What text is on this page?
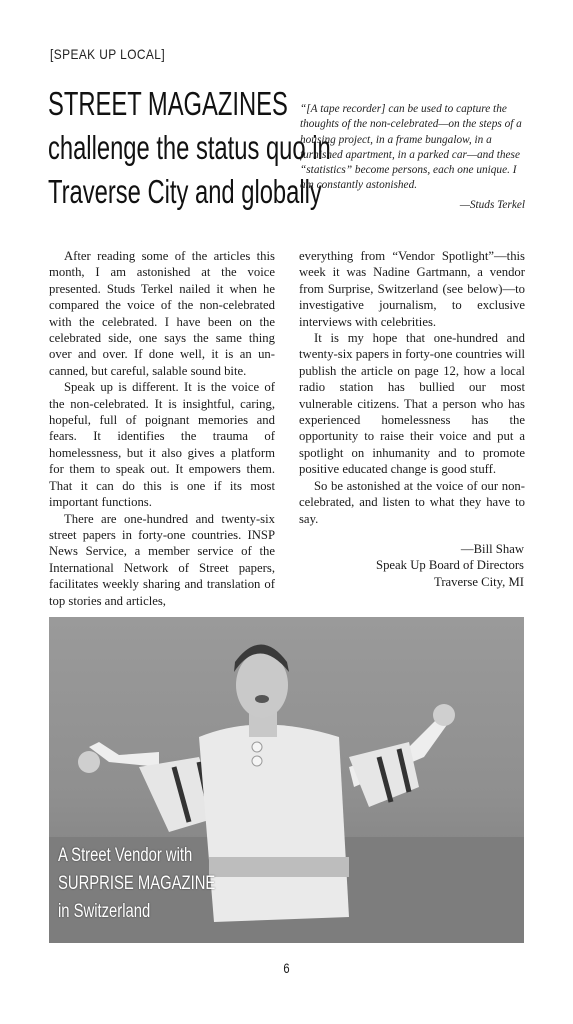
[SPEAK UP LOCAL]
STREET MAGAZINES
challenge the status quo in
Traverse City and globally
“[A tape recorder] can be used to capture the thoughts of the non-celebrated—on the steps of a housing project, in a frame bungalow, in a furnished apartment, in a parked car—and these “statistics” become persons, each one unique. I am constantly astonished.
—Studs Terkel

After reading some of the articles this month, I am astonished at the voice presented. Studs Terkel nailed it when he compared the voice of the non-celebrated with the celebrated. I have been on the celebrated side, one says the same thing over and over. If done well, it is an un-canned, but careful, salable sound bite.

Speak up is different. It is the voice of the non-celebrated. It is insightful, caring, hopeful, full of poignant memories and fears. It identifies the trauma of homelessness, but it also gives a platform for them to speak out. It empowers them. That it can do this is one if its most important functions.

There are one-hundred and twenty-six street papers in forty-one countries. INSP News Service, a member service of the International Network of Street papers, facilitates weekly sharing and translation of top stories and articles,

everything from “Vendor Spotlight”—this week it was Nadine Gartmann, a vendor from Surprise, Switzerland (see below)—to investigative journalism, to exclusive interviews with celebrities.

It is my hope that one-hundred and twenty-six papers in forty-one countries will publish the article on page 12, how a local radio station has bullied our most vulnerable citizens. That a person who has experienced homelessness has the opportunity to raise their voice and put a spotlight on inhumanity and to promote positive educated change is good stuff.

So be astonished at the voice of our non-celebrated, and listen to what they have to say.

—Bill Shaw
Speak Up Board of Directors
Traverse City, MI
A Street Vendor with
SURPRISE MAGAZINE
in Switzerland
6
